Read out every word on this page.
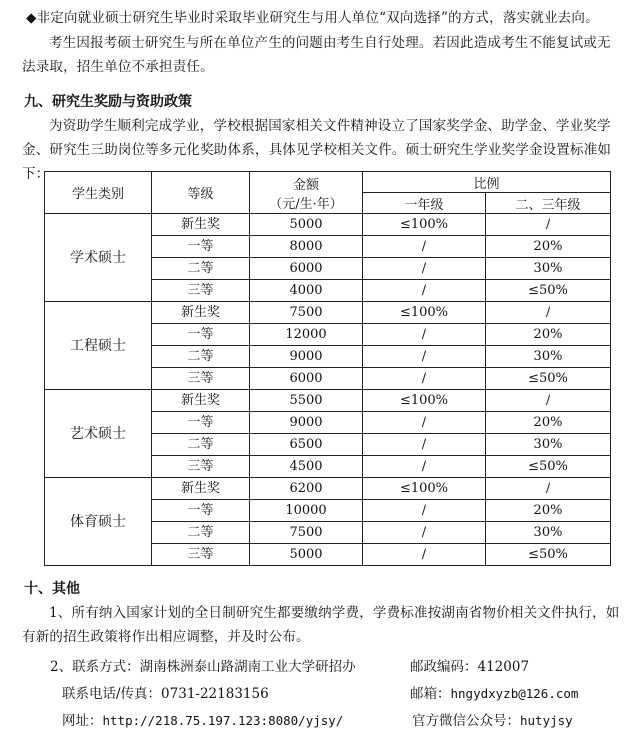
◆非定向就业硕士研究生毕业时采取毕业研究生与用人单位“双向选择”的方式，落实就业去向。

考生因报考硕士研究生与所在单位产生的问题由考生自行处理。若因此造成考生不能复试或无法录取，招生单位不承担责任。

九、研究生奖励与资助政策

为资助学生顺利完成学业，学校根据国家相关文件精神设立了国家奖学金、助学金、学业奖学金、研究生三助岗位等多元化奖助体系，具体见学校相关文件。硕士研究生学业奖学金设置标准如下：

学生类别	等级	金额
（元/生·年）	比例	
			一年级	二、三年级
学术硕士	新生奖	5000	≤100%	/
	一等	8000	/	20%
	二等	6000	/	30%
	三等	4000	/	≤50%
工程硕士	新生奖	7500	≤100%	/
	一等	12000	/	20%
	二等	9000	/	30%
	三等	6000	/	≤50%
艺术硕士	新生奖	5500	≤100%	/
	一等	9000	/	20%
	二等	6500	/	30%
	三等	4500	/	≤50%
体育硕士	新生奖	6200	≤100%	/
	一等	10000	/	20%
	二等	7500	/	30%
	三等	5000	/	≤50%
十、其他

1、所有纳入国家计划的全日制研究生都要缴纳学费，学费标准按湖南省物价相关文件执行，如有新的招生政策将作出相应调整，并及时公布。

2、联系方式：湖南株洲泰山路湖南工业大学研招办	邮政编码：412007
联系电话/传真：0731-22183156	邮箱：hngydxyzb@126.com
网址：http://218.75.197.123:8080/yjsy/	官方微信公众号：hutyjsy
